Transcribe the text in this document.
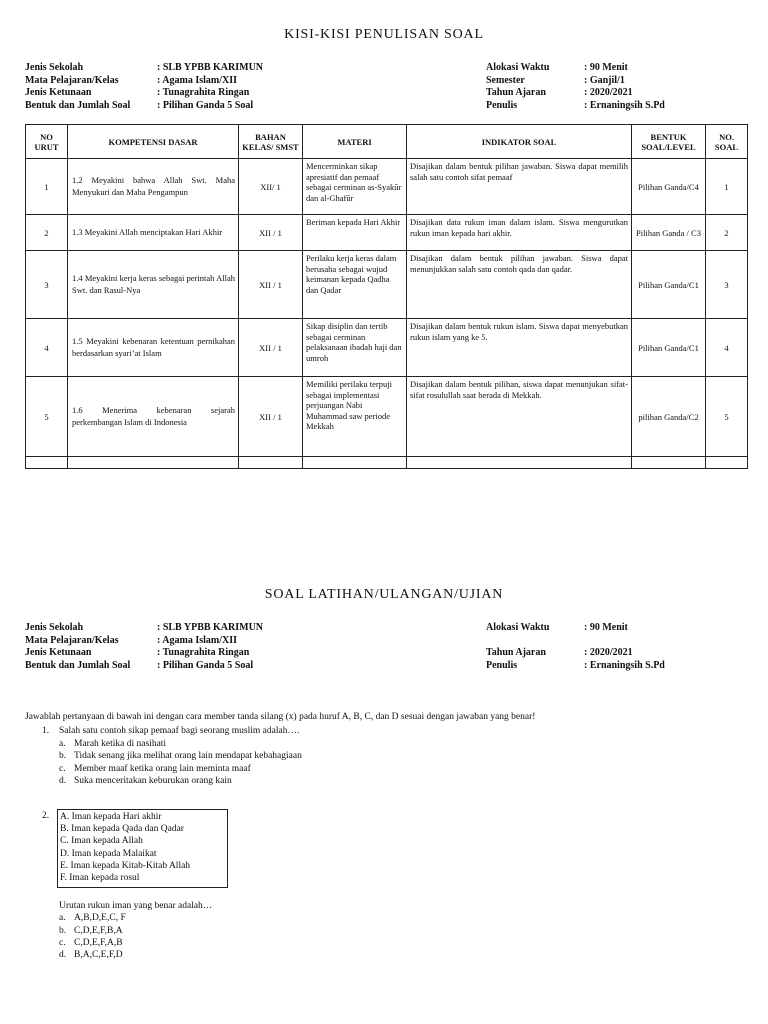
KISI-KISI PENULISAN SOAL
Jenis Sekolah	: SLB YPBB KARIMUN
Mata Pelajaran/Kelas	: Agama Islam/XII
Jenis Ketunaan	: Tunagrahita Ringan
Bentuk dan Jumlah Soal	: Pilihan Ganda 5 Soal
Alokasi Waktu	: 90 Menit
Semester	: Ganjil/1
Tahun Ajaran	: 2020/2021
Penulis	: Ernaningsih S.Pd
NO URUT	KOMPETENSI DASAR	BAHAN KELAS/ SMST	MATERI	INDIKATOR SOAL	BENTUK SOAL/LEVEL	NO. SOAL
1	1.2 Meyakini bahwa Allah Swt. Maha Menyukuri dan Maha Pengampun	XII/ 1	Mencerminkan sikap apresiatif dan pemaaf sebagai cerminan as-Syakūr dan al-Ghafūr	Disajikan dalam bentuk pilihan jawaban. Siswa dapat memilih salah satu contoh sifat pemaaf	Pilihan Ganda/C4	1
2	1.3 Meyakini Allah menciptakan Hari Akhir	XII / 1	Beriman kepada Hari Akhir	Disajikan data rukun iman dalam islam. Siswa mengurutkan rukun iman kepada hari akhir.	Pilihan Ganda / C3	2
3	1.4 Meyakini kerja keras sebagai perintah Allah Swt. dan Rasul-Nya	XII / 1	Perilaku kerja keras dalam berusaha sebagai wujud keimanan kepada Qadha dan Qadar	Disajikan dalam bentuk pilihan jawaban. Siswa dapat menunjukkan salah satu contoh qada dan qadar.	Pilihan Ganda/C1	3
4	1.5 Meyakini kebenaran ketentuan pernikahan berdasarkan syari’at Islam	XII / 1	Sikap disiplin dan tertib sebagai cerminan pelaksanaan ibadah haji dan umroh	Disajikan dalam bentuk rukun islam. Siswa dapat menyebutkan rukun islam yang ke 5.	Pilihan Ganda/C1	4
5	1.6 Menerima kebenaran sejarah perkembangan Islam di Indonesia	XII / 1	Memiliki perilaku terpuji sebagai implementasi perjuangan Nabi Muhammad saw periode Mekkah	Disajikan dalam bentuk pilihan, siswa dapat menunjukan sifat-sifat rosulullah saat berada di Mekkah.	pilihan Ganda/C2	5

SOAL LATIHAN/ULANGAN/UJIAN
Jenis Sekolah	: SLB YPBB KARIMUN
Mata Pelajaran/Kelas	: Agama Islam/XII
Jenis Ketunaan	: Tunagrahita Ringan
Bentuk dan Jumlah Soal	: Pilihan Ganda 5 Soal
Alokasi Waktu	: 90 Menit
Tahun Ajaran	: 2020/2021
Penulis	: Ernaningsih S.Pd
Jawablah pertanyaan di bawah ini dengan cara member tanda silang (x) pada huruf A, B, C, dan D sesuai dengan jawaban yang benar!
1.	Salah satu contoh sikap pemaaf bagi seorang muslim adalah….
a. Marah ketika di nasihati
b. Tidak senang jika melihat orang lain mendapat kebahagiaan
c. Member maaf ketika orang lain meminta maaf
d. Suka menceritakan keburukan orang kain
2. A. Iman kepada Hari akhir
B. Iman kepada Qada dan Qadar
C. Iman kepada Allah
D. Iman kepada Malaikat
E. Iman kepada Kitab-Kitab Allah
F. Iman kepada rosul
Urutan rukun iman yang benar adalah…
a. A,B,D,E,C, F
b. C,D,E,F,B,A
c. C,D,E,F,A,B
d. B,A,C,E,F,D
